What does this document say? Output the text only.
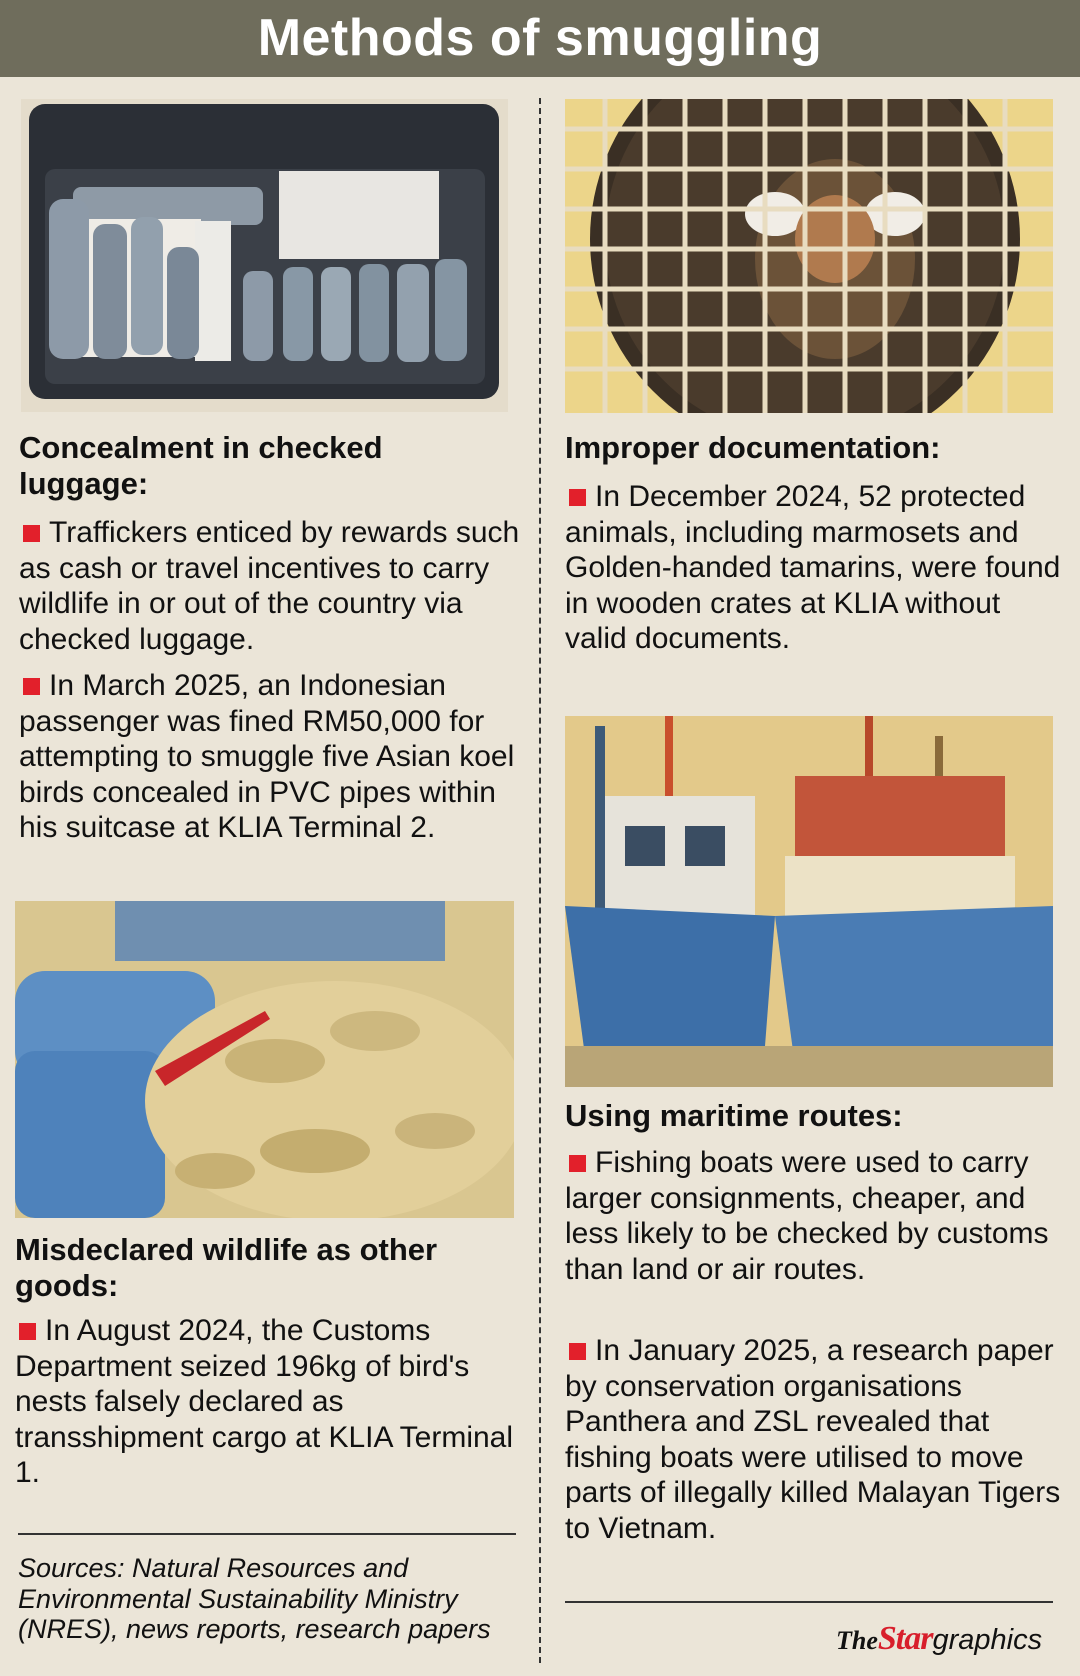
Methods of smuggling
Concealment in checked luggage:

Traffickers enticed by rewards such as cash or travel incentives to carry wildlife in or out of the country via checked luggage.

In March 2025, an Indonesian passenger was fined RM50,000 for attempting to smuggle five Asian koel birds concealed in PVC pipes within his suitcase at KLIA Terminal 2.

Misdeclared wildlife as other goods:

In August 2024, the Customs Department seized 196kg of bird's nests falsely declared as transshipment cargo at KLIA Terminal 1.

Sources: Natural Resources and Environmental Sustainability Ministry (NRES), news reports, research papers

Improper documentation:

In December 2024, 52 protected animals, including marmosets and Golden-handed tamarins, were found in wooden crates at KLIA without valid documents.

Using maritime routes:

Fishing boats were used to carry larger consignments, cheaper, and less likely to be checked by customs than land or air routes.

In January 2025, a research paper by conservation organisations Panthera and ZSL revealed that fishing boats were utilised to move parts of illegally killed Malayan Tigers to Vietnam.

TheStargraphics
